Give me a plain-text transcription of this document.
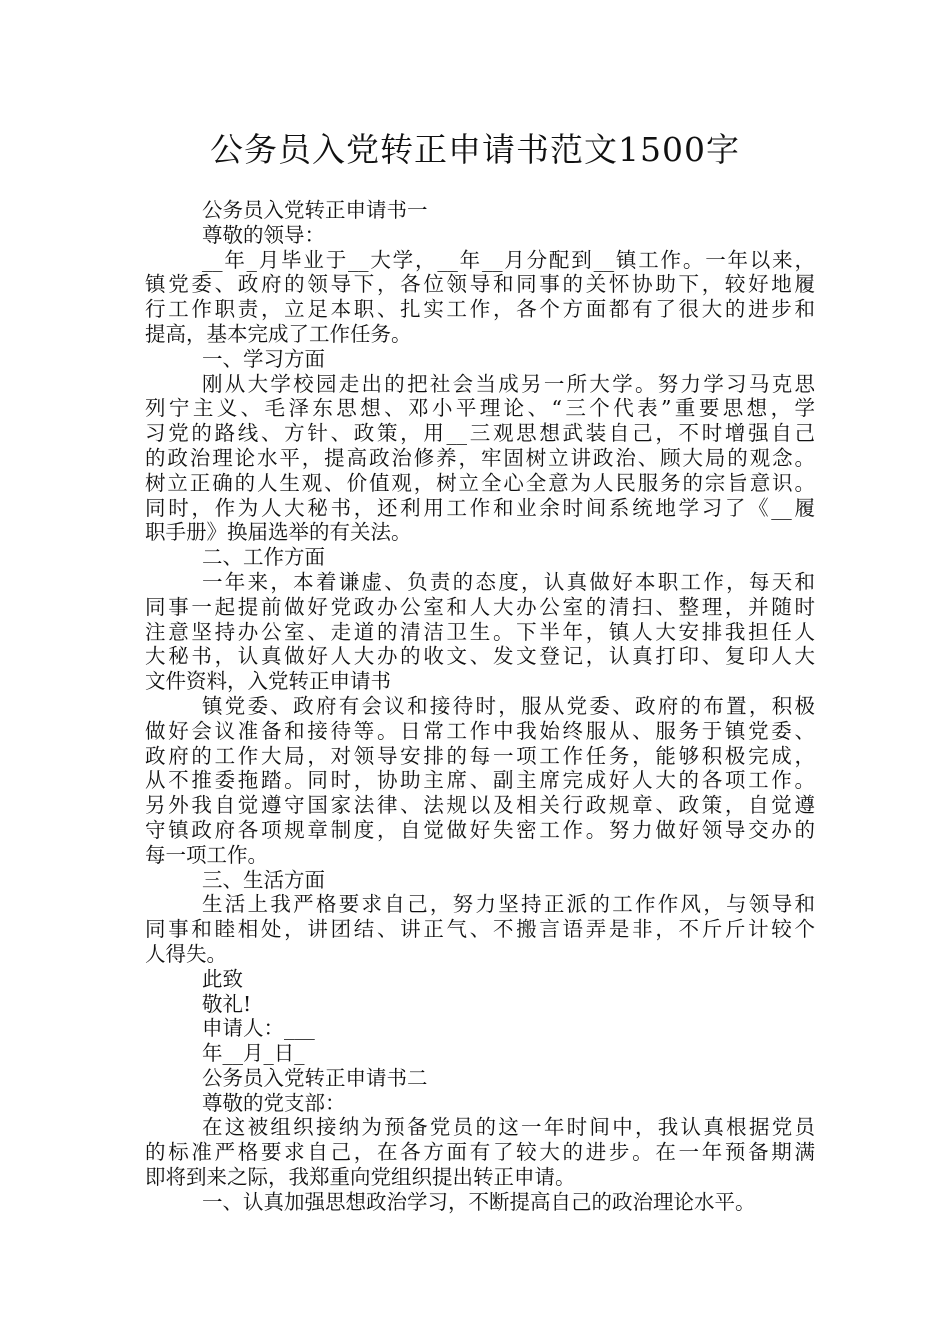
公务员入党转正申请书范文1500字
公务员入党转正申请书一
尊敬的领导：
__年_月毕业于__大学，__年__月分配到__镇工作。一年以来，
镇党委、政府的领导下，各位领导和同事的关怀协助下，较好地履
行工作职责，立足本职、扎实工作，各个方面都有了很大的进步和
提高，基本完成了工作任务。
一、学习方面
刚从大学校园走出的把社会当成另一所大学。努力学习马克思
列宁主义、毛泽东思想、邓小平理论、“三个代表”重要思想，学
习党的路线、方针、政策，用__三观思想武装自己，不时增强自己
的政治理论水平，提高政治修养，牢固树立讲政治、顾大局的观念。
树立正确的人生观、价值观，树立全心全意为人民服务的宗旨意识。
同时，作为人大秘书，还利用工作和业余时间系统地学习了《__履
职手册》换届选举的有关法。
二、工作方面
一年来，本着谦虚、负责的态度，认真做好本职工作，每天和
同事一起提前做好党政办公室和人大办公室的清扫、整理，并随时
注意坚持办公室、走道的清洁卫生。下半年，镇人大安排我担任人
大秘书，认真做好人大办的收文、发文登记，认真打印、复印人大
文件资料，入党转正申请书
镇党委、政府有会议和接待时，服从党委、政府的布置，积极
做好会议准备和接待等。日常工作中我始终服从、服务于镇党委、
政府的工作大局，对领导安排的每一项工作任务，能够积极完成，
从不推委拖踏。同时，协助主席、副主席完成好人大的各项工作。
另外我自觉遵守国家法律、法规以及相关行政规章、政策，自觉遵
守镇政府各项规章制度，自觉做好失密工作。努力做好领导交办的
每一项工作。
三、生活方面
生活上我严格要求自己，努力坚持正派的工作作风，与领导和
同事和睦相处，讲团结、讲正气、不搬言语弄是非，不斤斤计较个
人得失。
此致
敬礼!
申请人：___
年__月_日_
公务员入党转正申请书二
尊敬的党支部：
在这被组织接纳为预备党员的这一年时间中，我认真根据党员
的标准严格要求自己，在各方面有了较大的进步。在一年预备期满
即将到来之际，我郑重向党组织提出转正申请。
一、认真加强思想政治学习，不断提高自己的政治理论水平。
